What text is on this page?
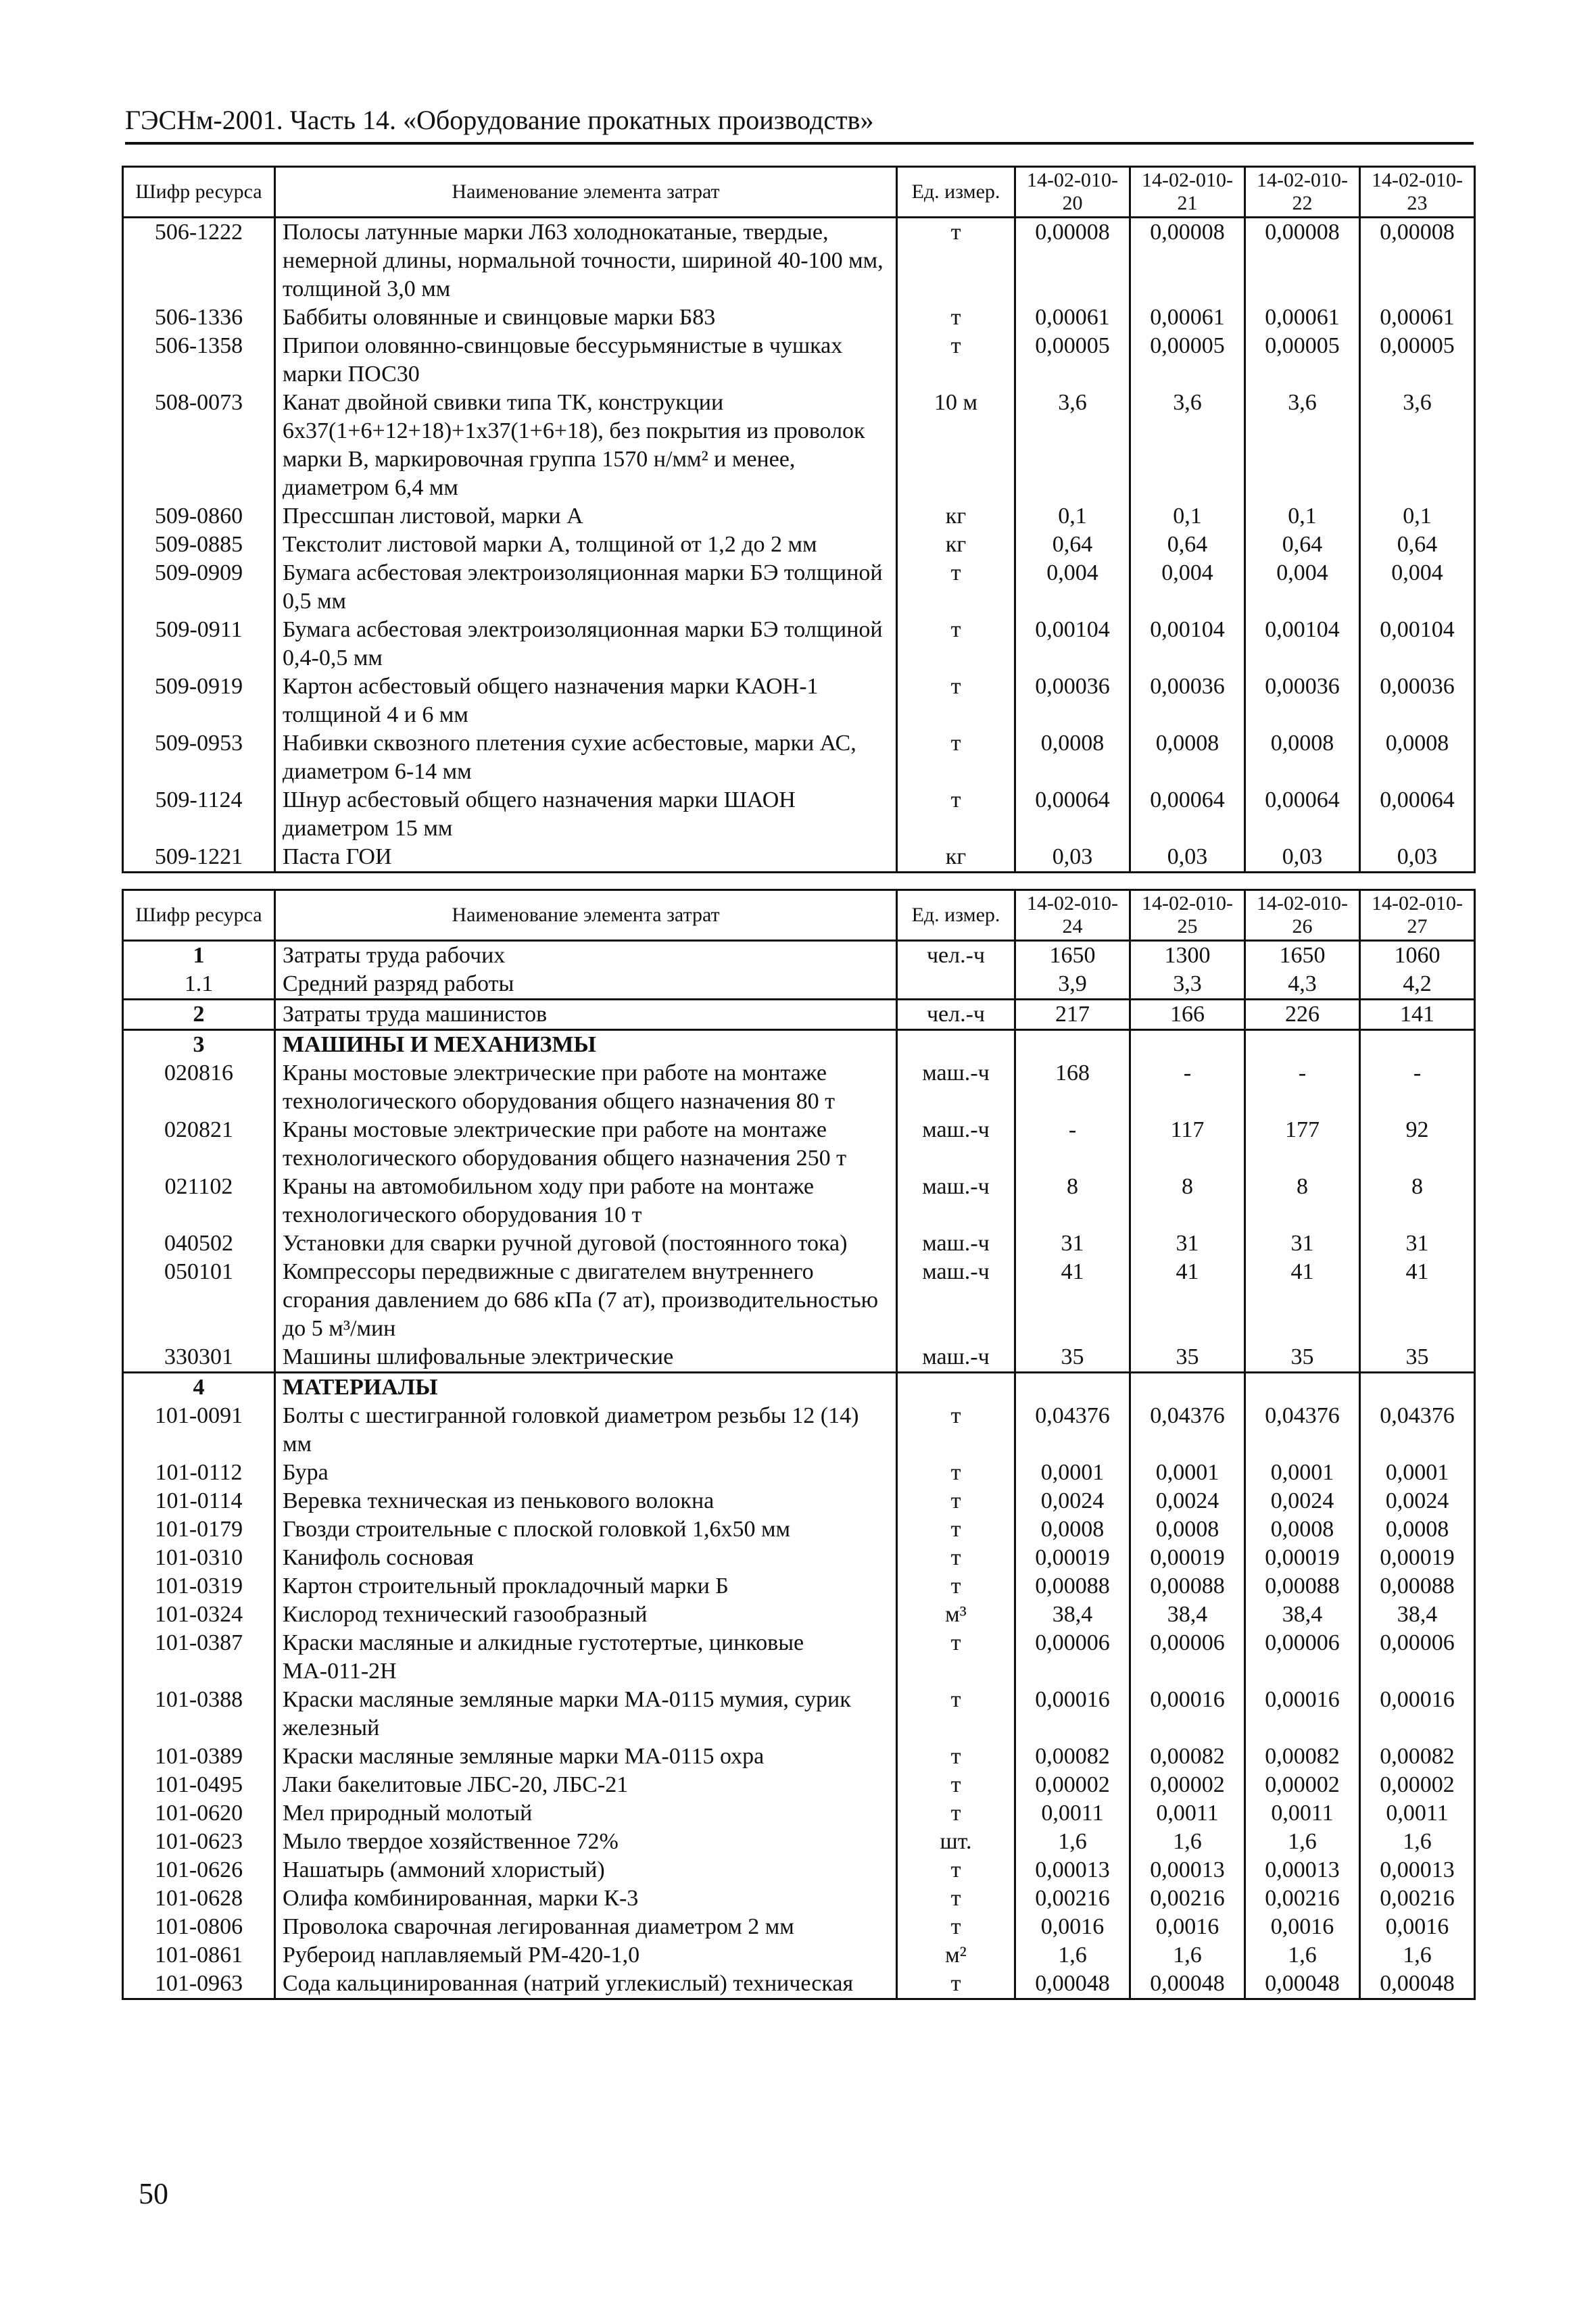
ГЭСНм-2001. Часть 14. «Оборудование прокатных производств»
Шифр ресурса	Наименование элемента затрат	Ед. измер.	14-02-010-20	14-02-010-21	14-02-010-22	14-02-010-23
506-1222	Полосы латунные марки Л63 холоднокатаные, твердые, немерной длины, нормальной точности, шириной 40-100 мм, толщиной 3,0 мм	т	0,00008	0,00008	0,00008	0,00008
506-1336	Баббиты оловянные и свинцовые марки Б83	т	0,00061	0,00061	0,00061	0,00061
506-1358	Припои оловянно-свинцовые бессурьмянистые в чушках марки ПОС30	т	0,00005	0,00005	0,00005	0,00005
508-0073	Канат двойной свивки типа ТК, конструкции 6х37(1+6+12+18)+1х37(1+6+18), без покрытия из проволок марки В, маркировочная группа 1570 н/мм² и менее, диаметром 6,4 мм	10 м	3,6	3,6	3,6	3,6
509-0860	Прессшпан листовой, марки А	кг	0,1	0,1	0,1	0,1
509-0885	Текстолит листовой марки А, толщиной от 1,2 до 2 мм	кг	0,64	0,64	0,64	0,64
509-0909	Бумага асбестовая электроизоляционная марки БЭ толщиной 0,5 мм	т	0,004	0,004	0,004	0,004
509-0911	Бумага асбестовая электроизоляционная марки БЭ толщиной 0,4-0,5 мм	т	0,00104	0,00104	0,00104	0,00104
509-0919	Картон асбестовый общего назначения марки КАОН-1 толщиной 4 и 6 мм	т	0,00036	0,00036	0,00036	0,00036
509-0953	Набивки сквозного плетения сухие асбестовые, марки АС, диаметром 6-14 мм	т	0,0008	0,0008	0,0008	0,0008
509-1124	Шнур асбестовый общего назначения марки ШАОН диаметром 15 мм	т	0,00064	0,00064	0,00064	0,00064
509-1221	Паста ГОИ	кг	0,03	0,03	0,03	0,03
Шифр ресурса	Наименование элемента затрат	Ед. измер.	14-02-010-24	14-02-010-25	14-02-010-26	14-02-010-27
1	Затраты труда рабочих	чел.-ч	1650	1300	1650	1060
1.1	Средний разряд работы		3,9	3,3	4,3	4,2
2	Затраты труда машинистов	чел.-ч	217	166	226	141
3	МАШИНЫ И МЕХАНИЗМЫ					
020816	Краны мостовые электрические при работе на монтаже технологического оборудования общего назначения 80 т	маш.-ч	168	-	-	-
020821	Краны мостовые электрические при работе на монтаже технологического оборудования общего назначения 250 т	маш.-ч	-	117	177	92
021102	Краны на автомобильном ходу при работе на монтаже технологического оборудования 10 т	маш.-ч	8	8	8	8
040502	Установки для сварки ручной дуговой (постоянного тока)	маш.-ч	31	31	31	31
050101	Компрессоры передвижные с двигателем внутреннего сгорания давлением до 686 кПа (7 ат), производительностью до 5 м³/мин	маш.-ч	41	41	41	41
330301	Машины шлифовальные электрические	маш.-ч	35	35	35	35
4	МАТЕРИАЛЫ					
101-0091	Болты с шестигранной головкой диаметром резьбы 12 (14) мм	т	0,04376	0,04376	0,04376	0,04376
101-0112	Бура	т	0,0001	0,0001	0,0001	0,0001
101-0114	Веревка техническая из пенькового волокна	т	0,0024	0,0024	0,0024	0,0024
101-0179	Гвозди строительные с плоской головкой 1,6х50 мм	т	0,0008	0,0008	0,0008	0,0008
101-0310	Канифоль сосновая	т	0,00019	0,00019	0,00019	0,00019
101-0319	Картон строительный прокладочный марки Б	т	0,00088	0,00088	0,00088	0,00088
101-0324	Кислород технический газообразный	м³	38,4	38,4	38,4	38,4
101-0387	Краски масляные и алкидные густотертые, цинковые МА-011-2Н	т	0,00006	0,00006	0,00006	0,00006
101-0388	Краски масляные земляные марки МА-0115 мумия, сурик железный	т	0,00016	0,00016	0,00016	0,00016
101-0389	Краски масляные земляные марки МА-0115 охра	т	0,00082	0,00082	0,00082	0,00082
101-0495	Лаки бакелитовые ЛБС-20, ЛБС-21	т	0,00002	0,00002	0,00002	0,00002
101-0620	Мел природный молотый	т	0,0011	0,0011	0,0011	0,0011
101-0623	Мыло твердое хозяйственное 72%	шт.	1,6	1,6	1,6	1,6
101-0626	Нашатырь (аммоний хлористый)	т	0,00013	0,00013	0,00013	0,00013
101-0628	Олифа комбинированная, марки К-3	т	0,00216	0,00216	0,00216	0,00216
101-0806	Проволока сварочная легированная диаметром 2 мм	т	0,0016	0,0016	0,0016	0,0016
101-0861	Рубероид наплавляемый РМ-420-1,0	м²	1,6	1,6	1,6	1,6
101-0963	Сода кальцинированная (натрий углекислый) техническая	т	0,00048	0,00048	0,00048	0,00048
50
